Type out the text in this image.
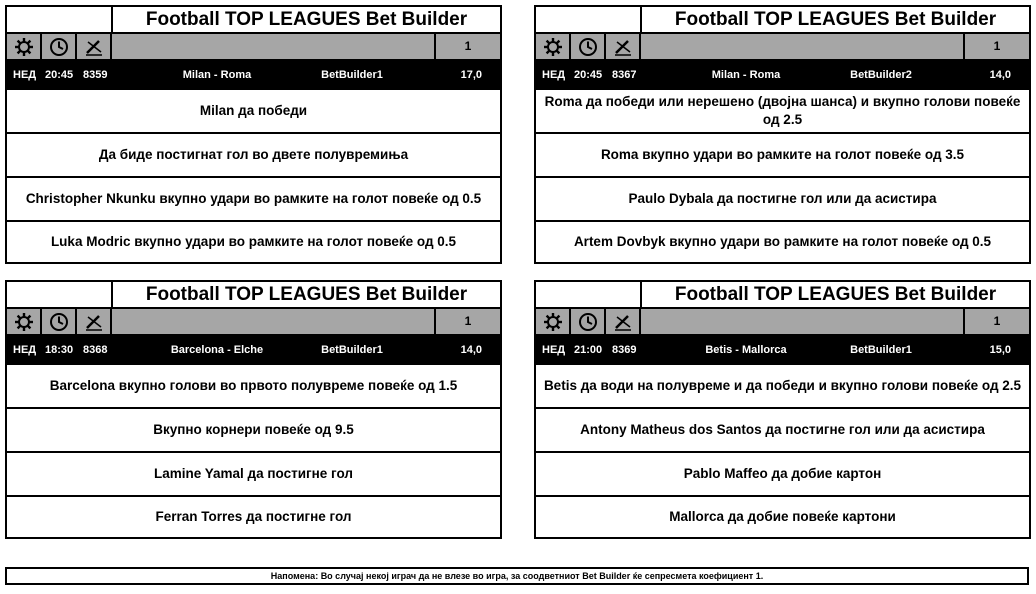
Football TOP LEAGUES Bet Builder
1
НЕД 20:45 8359	Milan - Roma	BetBuilder1	17,0
Milan да победи
Да биде постигнат гол во двете полувремиња
Christopher Nkunku вкупно удари во рамките на голот повеќе од 0.5
Luka Modric вкупно удари во рамките на голот повеќе од 0.5
Football TOP LEAGUES Bet Builder
1
НЕД 20:45 8367	Milan - Roma	BetBuilder2	14,0
Roma да победи или нерешено (двојна шанса) и вкупно голови повеќе од 2.5
Roma вкупно удари во рамките на голот повеќе од 3.5
Paulo Dybala да постигне гол или да асистира
Artem Dovbyk вкупно удари во рамките на голот повеќе од 0.5
Football TOP LEAGUES Bet Builder
1
НЕД 18:30 8368	Barcelona - Elche	BetBuilder1	14,0
Barcelona вкупно голови во првото полувреме повеќе од 1.5
Вкупно корнери повеќе од 9.5
Lamine Yamal да постигне гол
Ferran Torres да постигне гол
Football TOP LEAGUES Bet Builder
1
НЕД 21:00 8369	Betis - Mallorca	BetBuilder1	15,0
Betis да води на полувреме и да победи и вкупно голови повеќе од 2.5
Antony Matheus dos Santos да постигне гол или да асистира
Pablo Maffeo да добие картон
Mallorca да добие повеќе картони
Напомена: Во случај некој играч да не влезе во игра, за соодветниот Bet Builder ќе сепресмета коефициент 1.
